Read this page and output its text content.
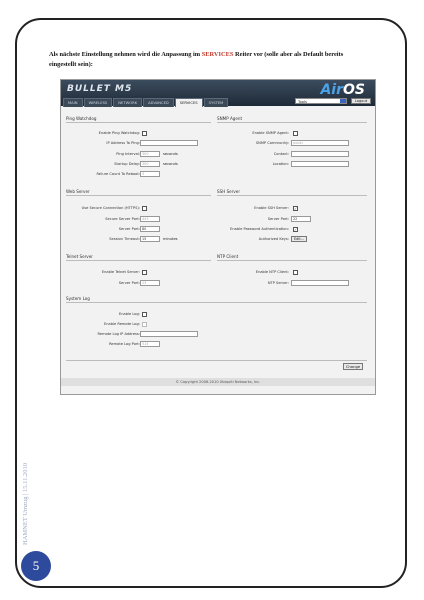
Als nächste Einstellung nehmen wird die Anpassung im SERVICES Reiter vor (solle aber als Default bereits eingestellt sein):
BULLET M5	AirOS
MAIN	WIRELESS	NETWORK	ADVANCED	SERVICES	SYSTEM	Tools	Logout
Ping Watchdog
Enable Ping Watchdog:
IP Address To Ping:
Ping Interval: 300	seconds
Startup Delay: 300	seconds
Failure Count To Reboot: 3
SNMP Agent
Enable SNMP Agent:
SNMP Community:	public
Contact:
Location:
Web Server
Use Secure Connection (HTTPS):
Secure Server Port: 443
Server Port: 80
Session Timeout: 15	minutes
SSH Server
Enable SSH Server: ✓
Server Port:	22
Enable Password Authentication: ✓
Authorized Keys:	Edit...
Telnet Server
Enable Telnet Server:
Server Port: 23
NTP Client
Enable NTP Client:
NTP Server:
System Log
Enable Log:
Enable Remote Log:
Remote Log IP Address:
Remote Log Port: 514
Change
© Copyright 2006-2010 Ubiquiti Networks, Inc.
HAMNET Umzug | 15.11.2010
5
